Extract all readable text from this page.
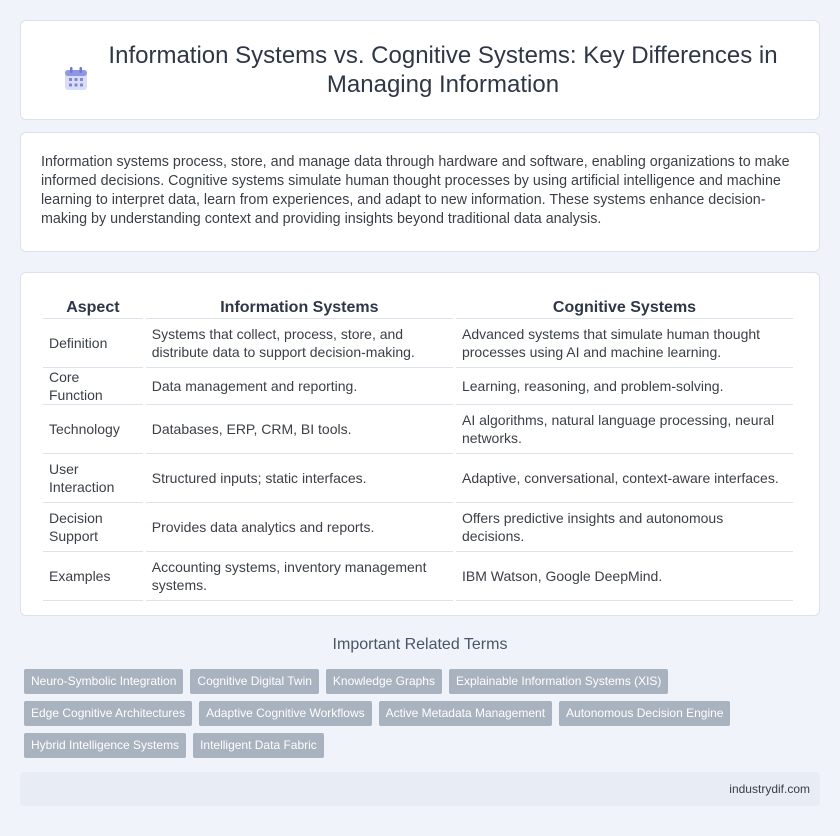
Information Systems vs. Cognitive Systems: Key Differences in Managing Information

Information systems process, store, and manage data through hardware and software, enabling organizations to make informed decisions. Cognitive systems simulate human thought processes by using artificial intelligence and machine learning to interpret data, learn from experiences, and adapt to new information. These systems enhance decision-making by understanding context and providing insights beyond traditional data analysis.

Aspect	Information Systems	Cognitive Systems
Definition	Systems that collect, process, store, and distribute data to support decision-making.	Advanced systems that simulate human thought processes using AI and machine learning.
Core Function	Data management and reporting.	Learning, reasoning, and problem-solving.
Technology	Databases, ERP, CRM, BI tools.	AI algorithms, natural language processing, neural networks.
User Interaction	Structured inputs; static interfaces.	Adaptive, conversational, context-aware interfaces.
Decision Support	Provides data analytics and reports.	Offers predictive insights and autonomous decisions.
Examples	Accounting systems, inventory management systems.	IBM Watson, Google DeepMind.
Important Related Terms
Neuro-Symbolic Integration	Cognitive Digital Twin	Knowledge Graphs	Explainable Information Systems (XIS)
Edge Cognitive Architectures	Adaptive Cognitive Workflows	Active Metadata Management	Autonomous Decision Engine
Hybrid Intelligence Systems	Intelligent Data Fabric
industrydif.com
